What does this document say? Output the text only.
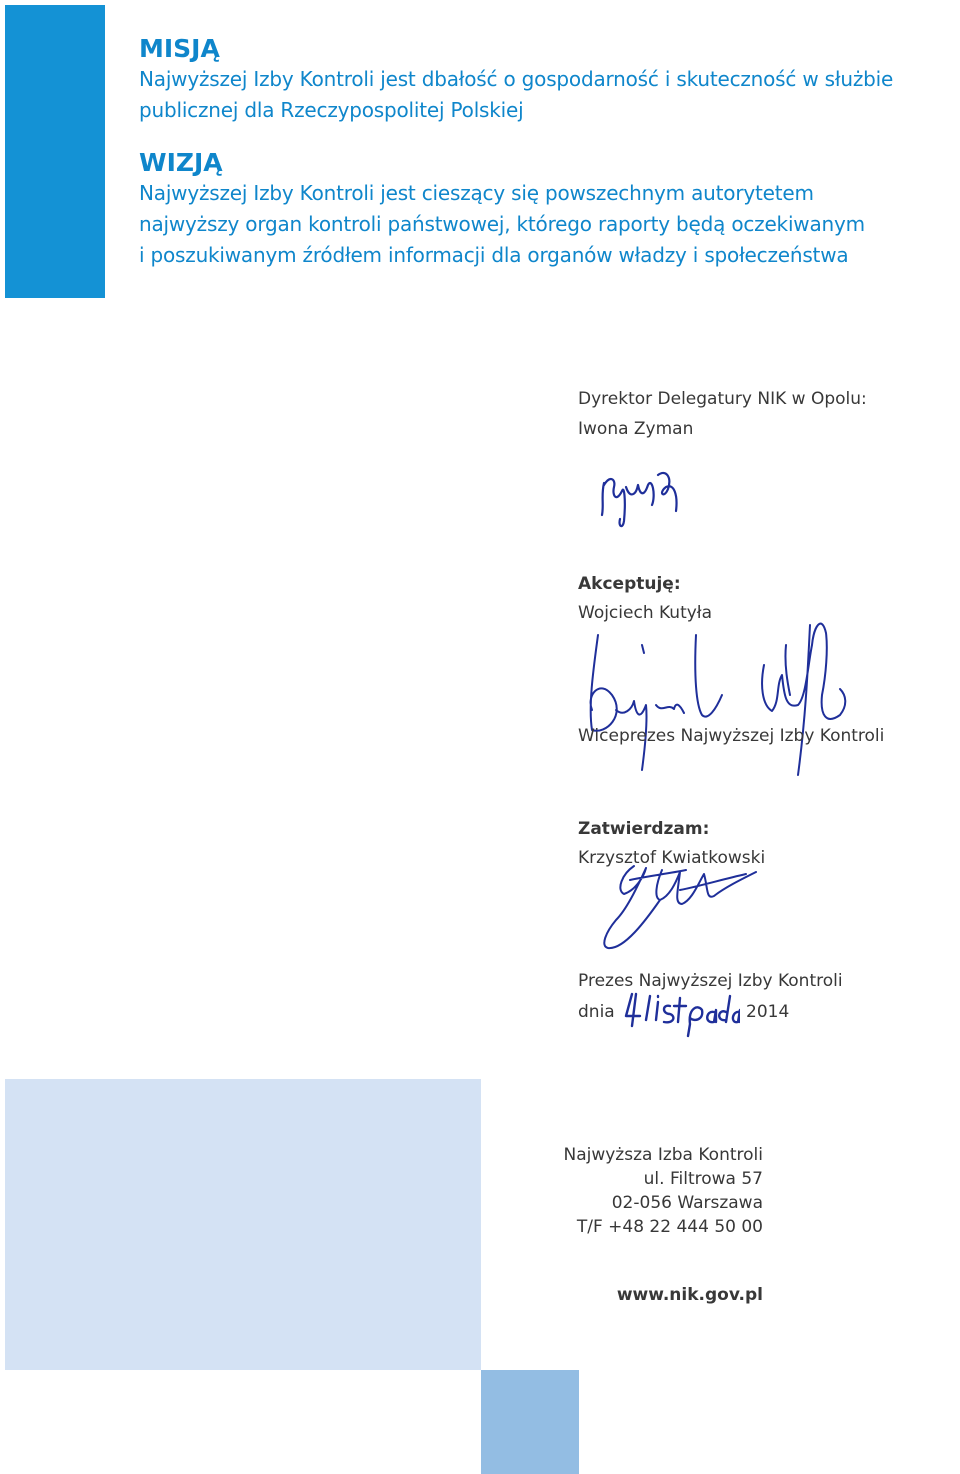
MISJĄ

Najwyższej Izby Kontroli jest dbałość o gospodarność i skuteczność w służbie

publicznej dla Rzeczypospolitej Polskiej

WIZJĄ

Najwyższej Izby Kontroli jest cieszący się powszechnym autorytetem

najwyższy organ kontroli państwowej, którego raporty będą oczekiwanym

i poszukiwanym źródłem informacji dla organów władzy i społeczeństwa

Dyrektor Delegatury NIK w Opolu:
Iwona Zyman
Akceptuję:
Wojciech Kutyła
Wiceprezes Najwyższej Izby Kontroli
Zatwierdzam:
Krzysztof Kwiatkowski
Prezes Najwyższej Izby Kontroli
dnia	2014
Najwyższa Izba Kontroli
ul. Filtrowa 57
02-056 Warszawa
T/F +48 22 444 50 00
www.nik.gov.pl
